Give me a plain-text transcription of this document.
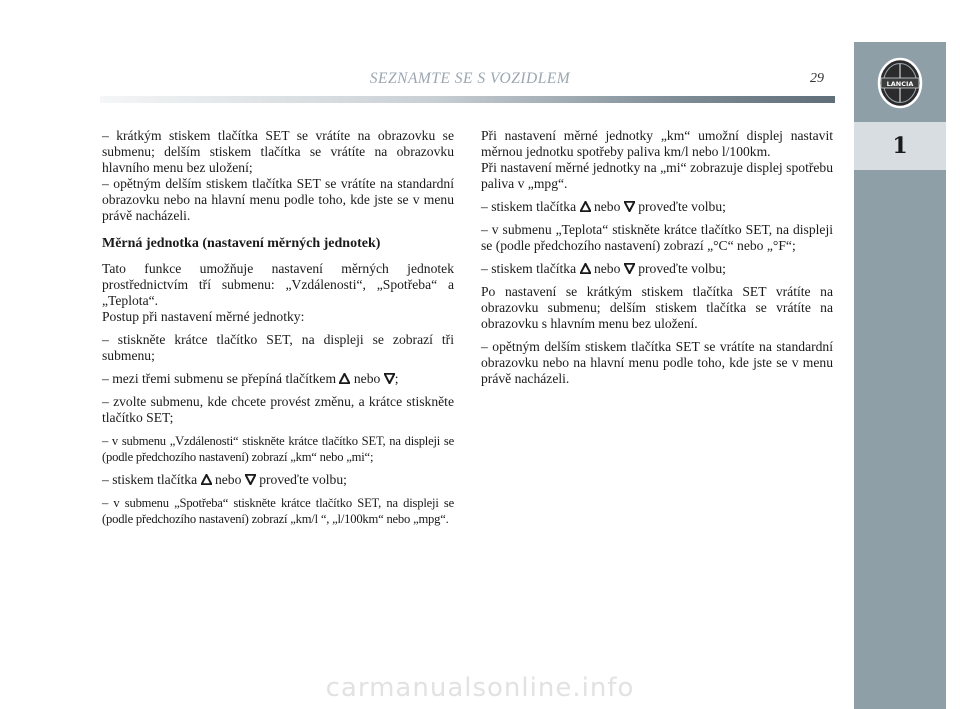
SEZNAMTE SE S VOZIDLEM	29	LANCIA
1

– krátkým stiskem tlačítka SET se vrátíte na obrazovku se submenu; delším stiskem tlačítka se vrátíte na obrazovku hlavního menu bez uložení;

– opětným delším stiskem tlačítka SET se vrátíte na standardní obrazovku nebo na hlavní menu podle toho, kde jste se v menu právě nacházeli.

Měrná jednotka (nastavení měrných jednotek)

Tato funkce umožňuje nastavení měrných jednotek prostřednictvím tří submenu: „Vzdálenosti“, „Spotřeba“ a „Teplota“.

Postup při nastavení měrné jednotky:

– stiskněte krátce tlačítko SET, na displeji se zobrazí tři submenu;

– mezi třemi submenu se přepíná tlačítkem nebo ;

– zvolte submenu, kde chcete provést změnu, a krátce stiskněte tlačítko SET;

– v submenu „Vzdálenosti“ stiskněte krátce tlačítko SET, na displeji se (podle předchozího nastavení) zobrazí „km“ nebo „mi“;

– stiskem tlačítka nebo proveďte volbu;

– v submenu „Spotřeba“ stiskněte krátce tlačítko SET, na displeji se (podle předchozího nastavení) zobrazí „km/l “, „l/100km“ nebo „mpg“.

Při nastavení měrné jednotky „km“ umožní displej nastavit měrnou jednotku spotřeby paliva km/l nebo l/100km.

Při nastavení měrné jednotky na „mi“ zobrazuje displej spotřebu paliva v „mpg“.

– stiskem tlačítka nebo proveďte volbu;

– v submenu „Teplota“ stiskněte krátce tlačítko SET, na displeji se (podle předchozího nastavení) zobrazí „°C“ nebo „°F“;

– stiskem tlačítka nebo proveďte volbu;

Po nastavení se krátkým stiskem tlačítka SET vrátíte na obrazovku submenu; delším stiskem tlačítka se vrátíte na obrazovku s hlavním menu bez uložení.

– opětným delším stiskem tlačítka SET se vrátíte na standardní obrazovku nebo na hlavní menu podle toho, kde jste se v menu právě nacházeli.

carmanualsonline.info
